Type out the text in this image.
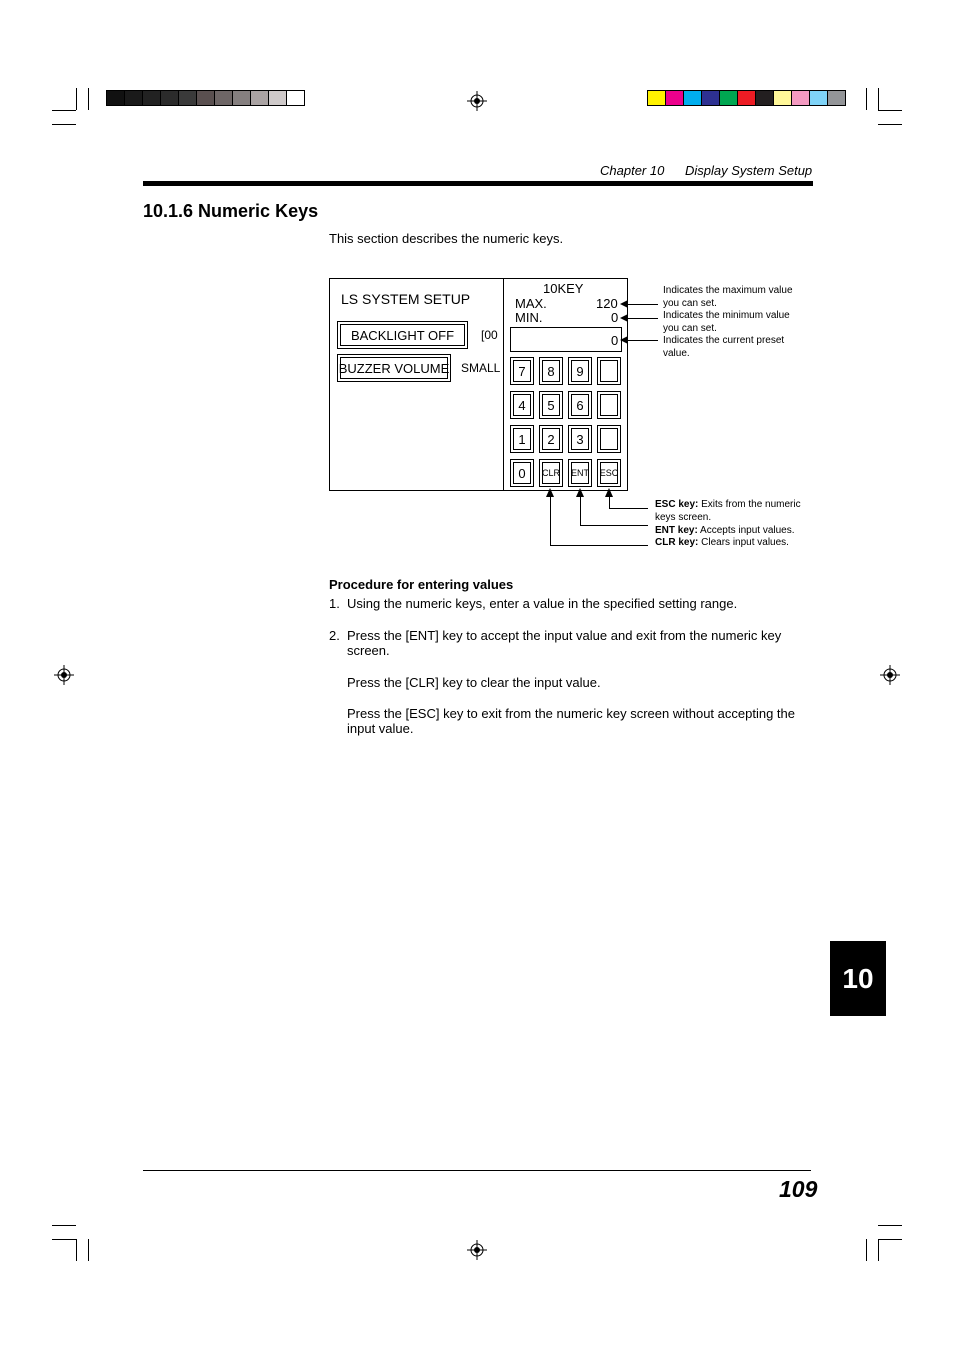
Chapter 10 Display System Setup
10.1.6 Numeric Keys
This section describes the numeric keys.
LS SYSTEM SETUP
BACKLIGHT OFF [00
BUZZER VOLUME SMALL
10KEY
MAX.	120
MIN.	0
0
7 8 9
4 5 6
1 2 3
0 CLR ENT ESC
Indicates the maximum value
you can set.
Indicates the minimum value
you can set.
Indicates the current preset
value.
ESC key: Exits from the numeric
keys screen.
ENT key: Accepts input values.
CLR key: Clears input values.
Procedure for entering values
1. Using the numeric keys, enter a value in the specified setting range.
2. Press the [ENT] key to accept the input value and exit from the numeric key screen.
Press the [CLR] key to clear the input value.
Press the [ESC] key to exit from the numeric key screen without accepting the input value.
10
109
